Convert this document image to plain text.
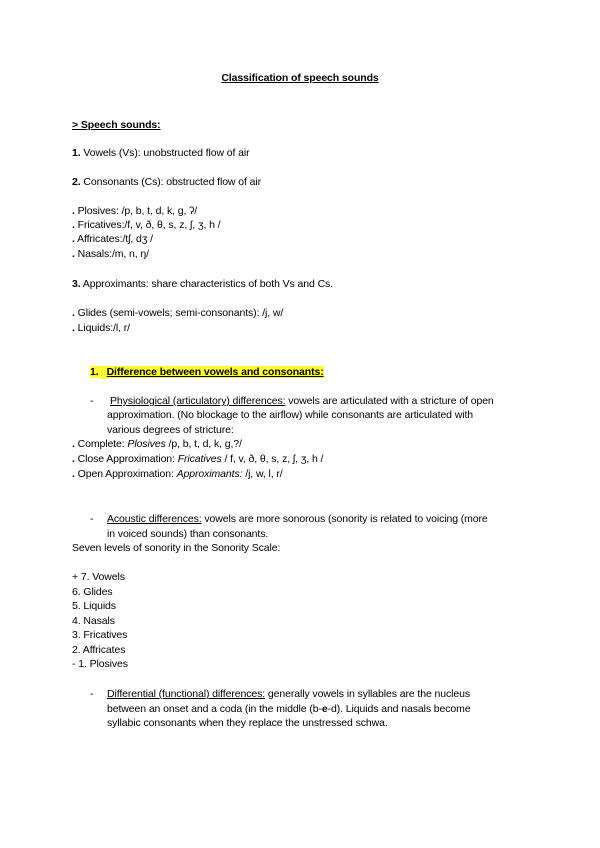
Classification of speech sounds
> Speech sounds:
1. Vowels (Vs): unobstructed flow of air
2. Consonants (Cs): obstructed flow of air
. Plosives: /p, b, t, d, k, g, ʔ/
. Fricatives:/f, v, ð, θ, s, z, ʃ, ʒ, h /
. Affricates:/tʃ, dʒ /
. Nasals:/m, n, ŋ/
3. Approximants: share characteristics of both Vs and Cs.
. Glides (semi-vowels; semi-consonants): /j, w/
. Liquids:/l, r/
1. Difference between vowels and consonants:
- Physiological (articulatory) differences: vowels are articulated with a stricture of open
approximation. (No blockage to the airflow) while consonants are articulated with
various degrees of stricture:
. Complete: Plosives /p, b, t, d, k, g,?/
. Close Approximation: Fricatives / f, v, ð, θ, s, z, ʃ, ʒ, h /
. Open Approximation: Approximants: /j, w, l, r/
- Acoustic differences: vowels are more sonorous (sonority is related to voicing (more
in voiced sounds) than consonants.
Seven levels of sonority in the Sonority Scale:
+ 7. Vowels
6. Glides
5. Liquids
4. Nasals
3. Fricatives
2. Affricates
- 1. Plosives
- Differential (functional) differences: generally vowels in syllables are the nucleus
between an onset and a coda (in the middle (b-e-d). Liquids and nasals become
syllabic consonants when they replace the unstressed schwa.
